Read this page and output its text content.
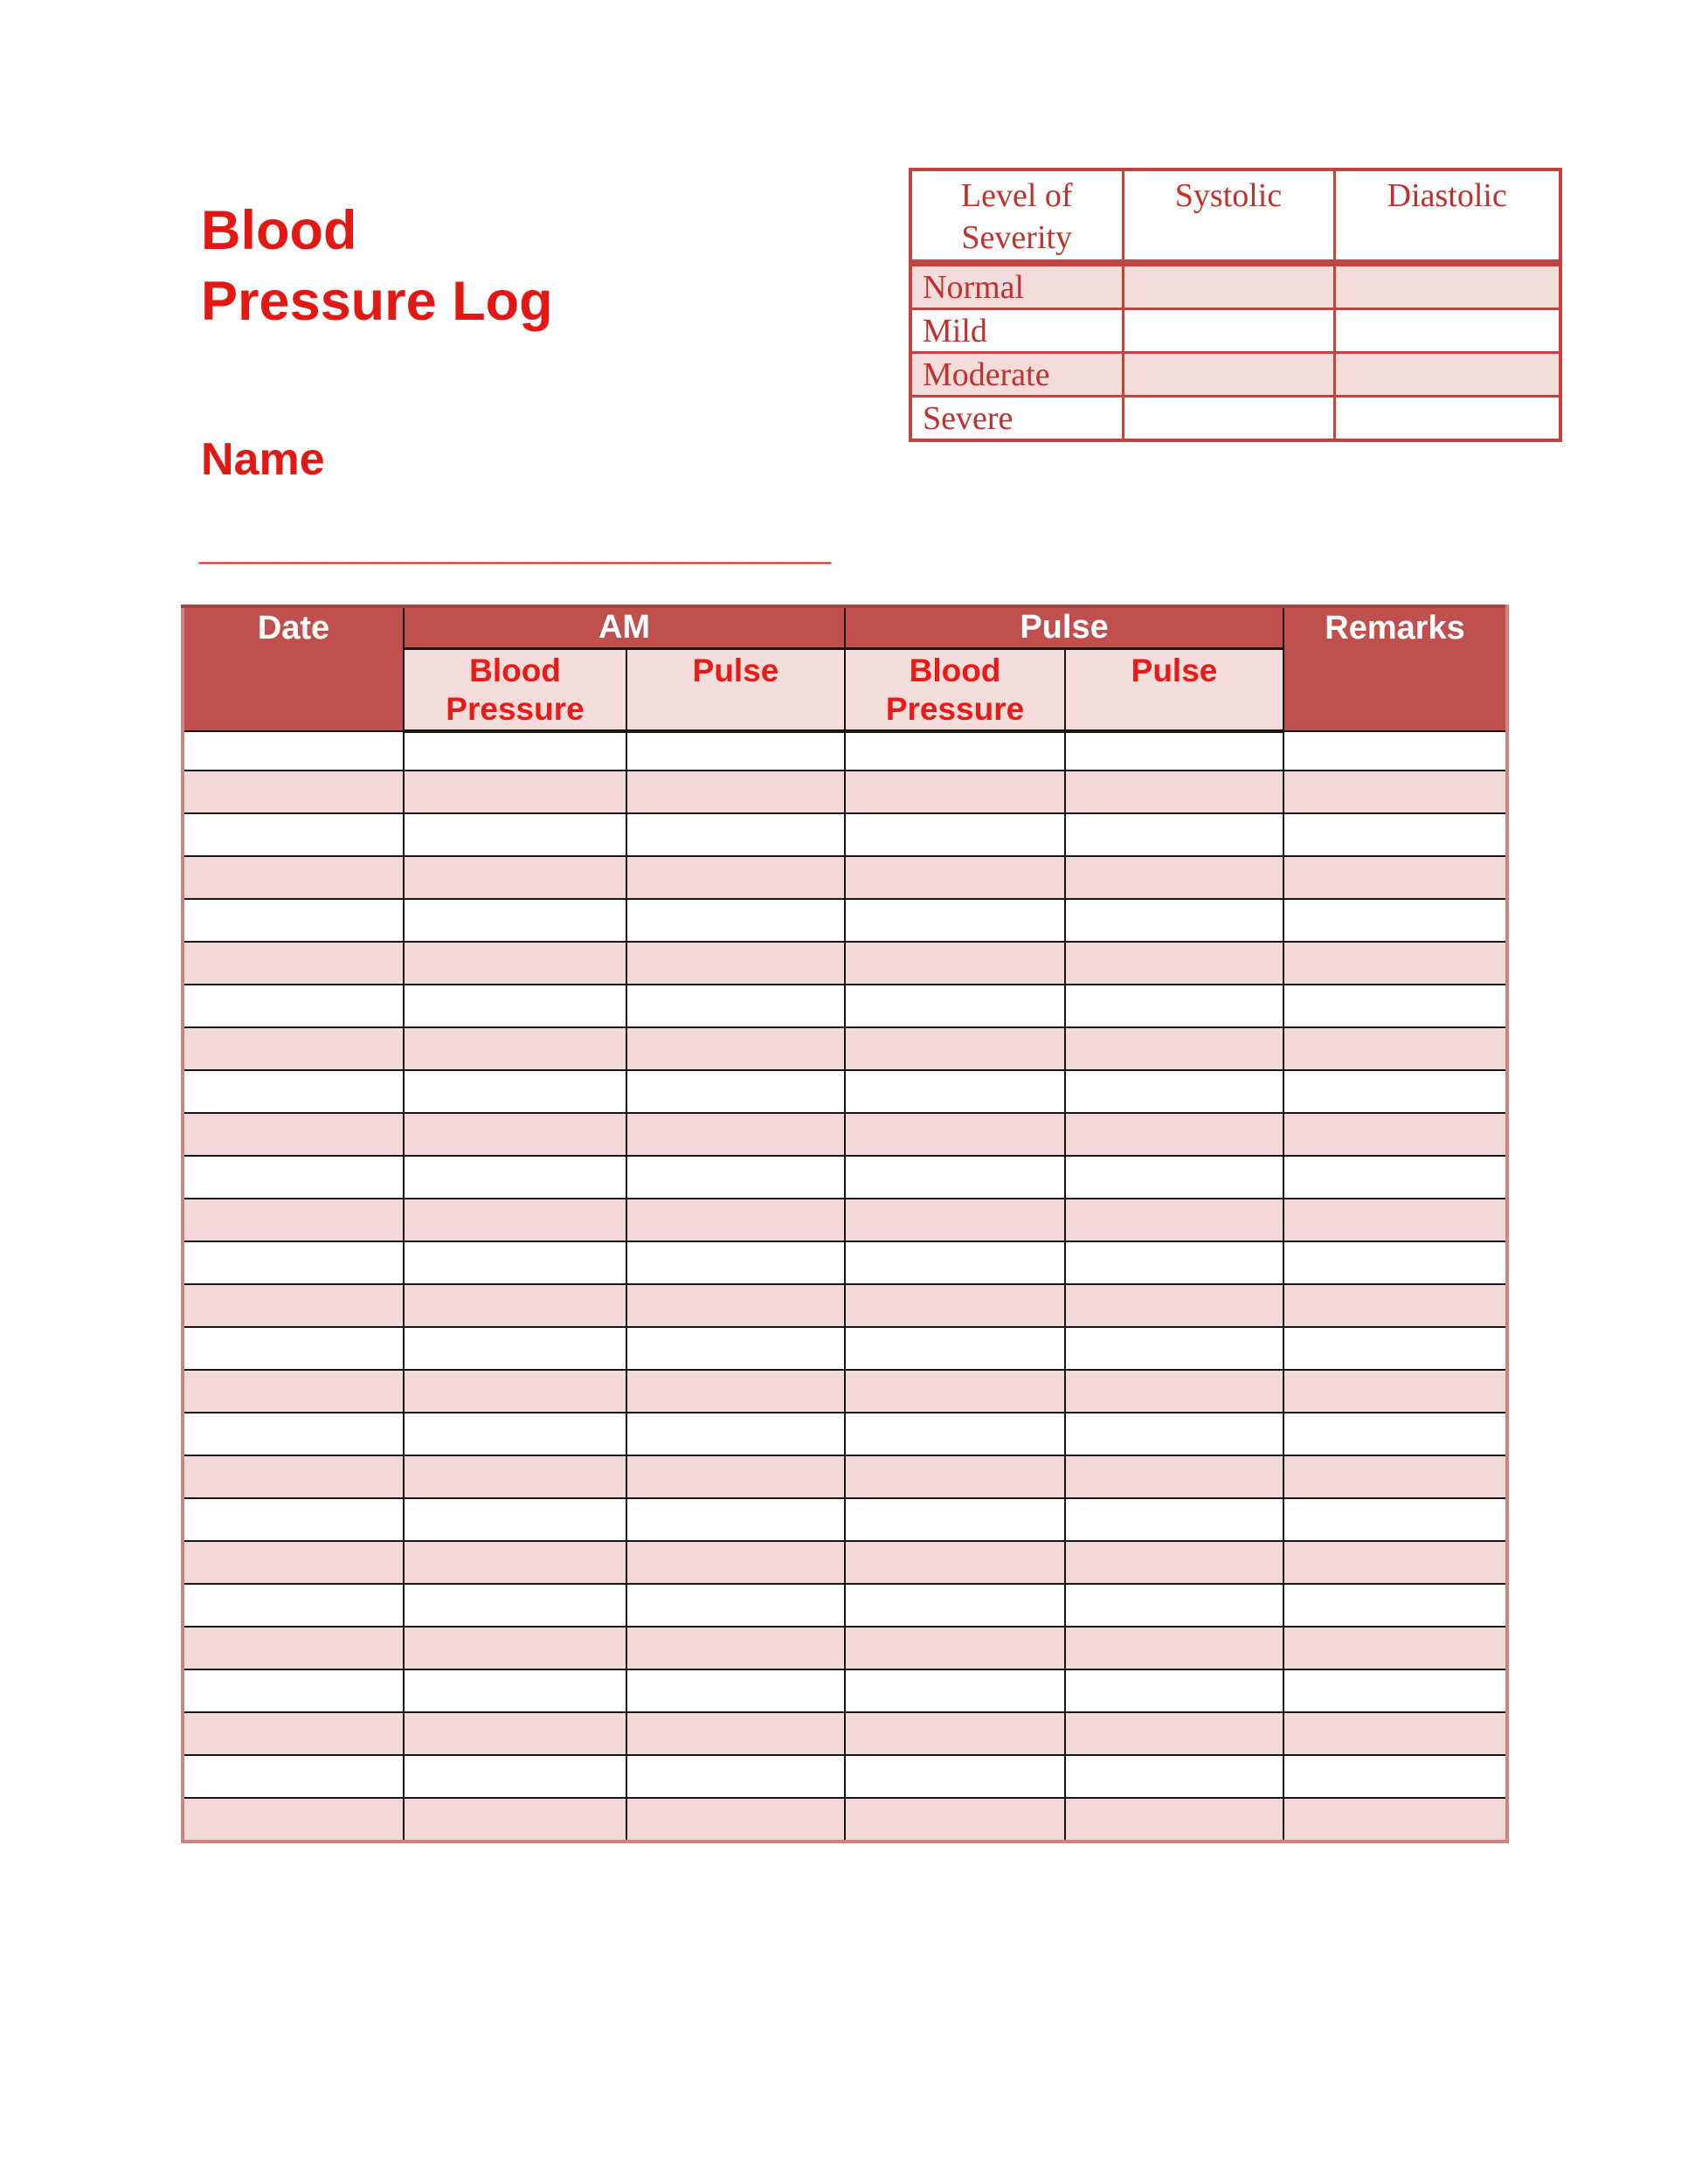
Blood
Pressure Log
Level of Severity	Systolic	Diastolic
Normal		
Mild		
Moderate		
Severe		
Name
_________________________
Date	AM		Pulse		Remarks
	Blood Pressure	Pulse	Blood Pressure	Pulse	
